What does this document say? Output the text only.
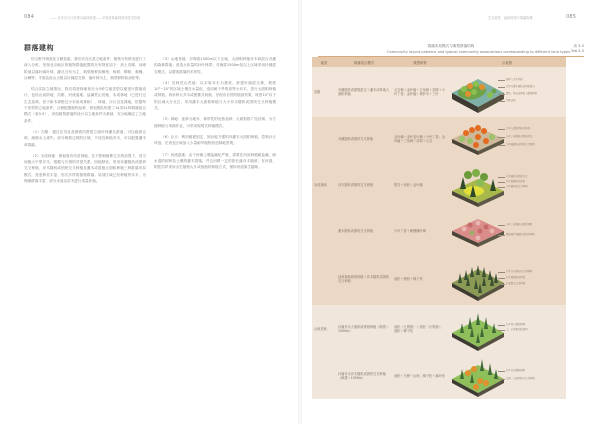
084	—— 北京市大尺度城市森林营建——平原造林森林营造技术指南
群落建构

结合野外调查及文献检索，我们对各区县立地条件、植物分布情况进行了深入分析，发现北京地区的植物群落配置的分布特征如下：高土沟堰、河滩阶地以落叶阔叶林、灌丛分布为主，典型树种如侧柏、杨树、柳树、刺槐、沙棘等；平原及低山丘陵以针阔混交林、落叶林为主，典型树种如油松等。

结合实际立地情况，我们将营林地划分为5种立地类型以便进行群落设计，包括山前阶地、沟壑、河流湿地、盐碱荒山荒地、未成林地（已进行过生态造林，但于新木规格过小未形成林相）、林地、沙丘以及裸地，依据每个类型的立地条件，合理配置植物品种，规划团队构建了14类51种群落组合模式（表3-5），该组植物群落的设计以立地条件为基础，充分地确定了立地条件。

（1）沟壑：通过在沟北及缓坡沟帮建立阔叶林灌丛群落，可以稳固边坡，减缓水土流失；部分缓坡边坡的区域，不适宜种植乔木，可以配置灌木草群落。

（2）未成林地：保留原有幼苗林地，在不影响植株生长的前提下，适当间植大中型乔木，根据与长城的对望关系，因地制宜，采用乔灌随机或团块交叉种植、乔木随机或团块交叉种植及灌木或混植大面积种植三种群落布局模式，营造种类丰富、形式多样的植物群落；局部区域已经种植的乔木，为保障群落丰富，部分未成活苗木进行适量补植。

（3）山地荒地：对海拔1500m以下区域，大面积种植乔木和混合乔灌的森林群落；营造大体量的针叶林带；对海拔1500m及以上区域采用针阔混交模式，以增加群落的多样性。

（4）宜林荒山荒地：以平原乔木为基底，营建针阔混交林，坡度10°~20°的区域土壤含水量低，选用耐干旱的高等小乔木，进行大面积种植或种植，再补种大乔木或团簇式间植，呈现出自然的植被效果；坡度10°以下的区域大分支区，采用灌木大面积种植与大小乔木随机或团块交叉种植模式。

（5）林地：延承当地乔、林带性的优势品种、大面积推广经济林，为方便种植与采摘作业，可采用规则式种植模式。

（6）沙丘：利用植被固定、固沙能力强的乔灌木大面积种植，控制沙丘风蚀；在适宜区域加入少量耐旱植物营造林地景观。

（7）河流湿地：由于河滩上壤盐碱化严重，需要在河床种植耐盐碱，耐水湿的树种及土壤的灌木群落，并且河畔一定的旅长落乔木植被；在河道、阴性沟岸采用水生植物大片或组植的种植方式，保持河道原生趣味。

生态营造　森林营造与群落构建	085
群落布局模式与典型群落结构
Community layout patterns and typical community associations corresponding to different land types
表 3-5
Tab.3-5
地类	群落组合模式	典型树种	示意图
沟壑	乔灌随机或团簇混交＋灌木或草地大面积种植	元宝枫＋金叶榆＋五角枫＋栾树＋小叶丁香；金叶榆＋黄栌木＋三叶	阔叶大乔木团簇
乔木与灌木随机或团簇混交
灌木、草花或草地大面积种植
沟壑边坡

	乔灌随机或团块交叉种植	金叶榆＋金叶复叶槭＋小叶丁香；金叶榆＋三角枫＋栾树＋元宝	乔木大面积团块状种植
小叶丁香随机或团簇混交
金叶榆随机或团块交叉种植

未成林地	乔木随机或团块交叉种植	银杏＋油松＋金叶榆	乔木随机或团块交叉
针叶树随机或团簇
金叶榆团块交叉种植

	灌木随机或团块交叉种植	小叶丁香＋紫穗槐叶梅	小叶丁香随机或团簇种植
紫穗槐叶梅随机或团块种植

	延承林地规则种植＋乔木随机或团块交叉种植	油松＋侧柏＋樟子松	针叶乔木规则式行列种植
针叶树随机或团簇
针阔混交交叉种植

山地荒地	针阔乔木大面积或规则种植（海拔＜1500m）	油松（大规格）＋油松（小规格）；油松＋樟子松	针叶林大面积种植
大、小规格油松混植

	针阔乔木乔木随机或团块交叉种植（海拔＞1500m）	油松＋白桦＋山杨；樟子松＋落叶松	针叶乔木随机种植
白桦、山杨团块状交叉种植
